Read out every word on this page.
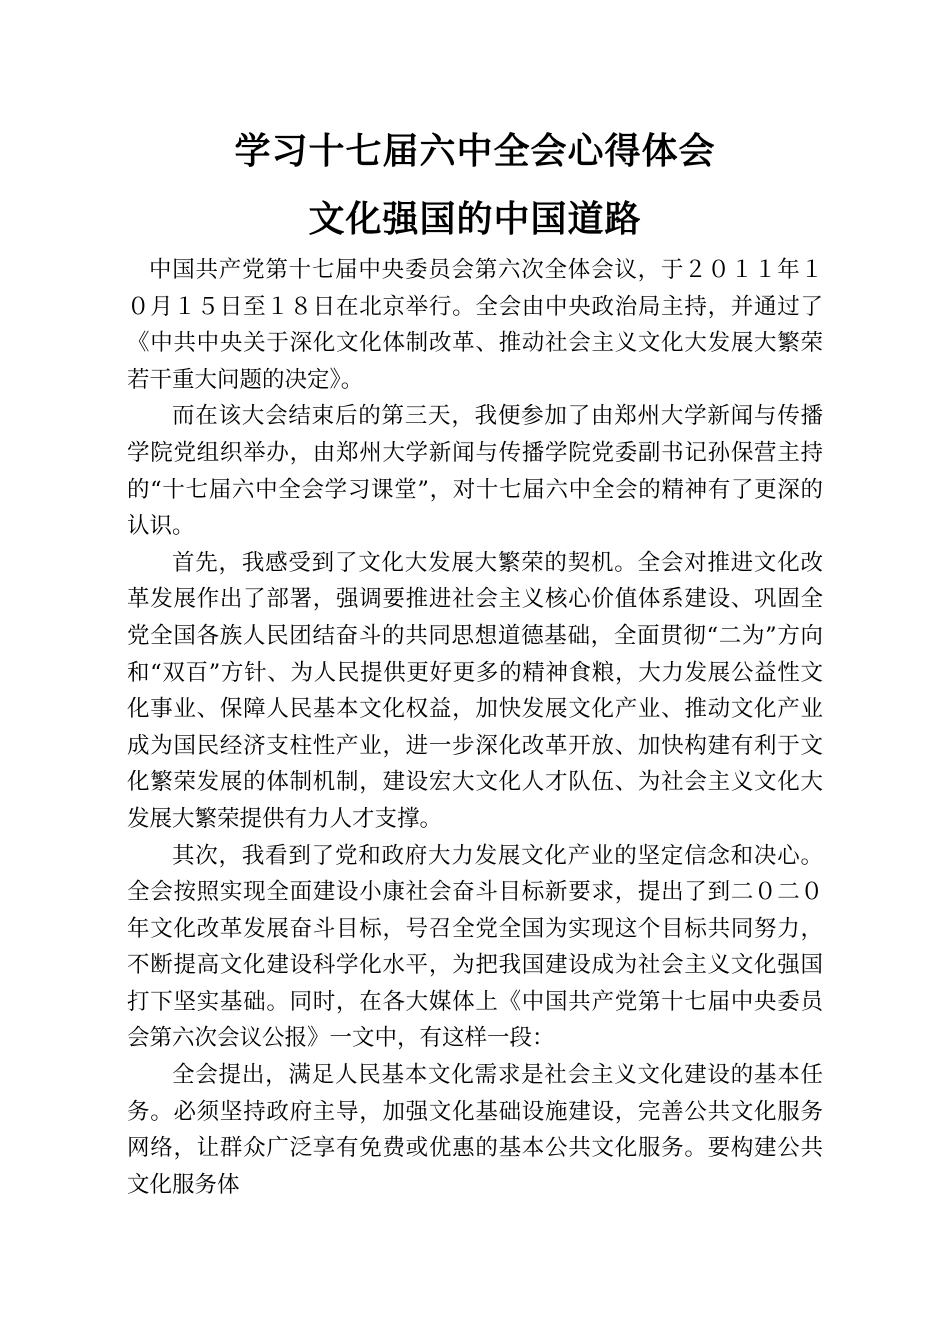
学习十七届六中全会心得体会
文化强国的中国道路

中国共产党第十七届中央委员会第六次全体会议，于２０１１年１０月１５日至１８日在北京举行。全会由中央政治局主持，并通过了《中共中央关于深化文化体制改革、推动社会主义文化大发展大繁荣若干重大问题的决定》。

而在该大会结束后的第三天，我便参加了由郑州大学新闻与传播学院党组织举办，由郑州大学新闻与传播学院党委副书记孙保营主持的“十七届六中全会学习课堂”，对十七届六中全会的精神有了更深的认识。

首先，我感受到了文化大发展大繁荣的契机。全会对推进文化改革发展作出了部署，强调要推进社会主义核心价值体系建设、巩固全党全国各族人民团结奋斗的共同思想道德基础，全面贯彻“二为”方向和“双百”方针、为人民提供更好更多的精神食粮，大力发展公益性文化事业、保障人民基本文化权益，加快发展文化产业、推动文化产业成为国民经济支柱性产业，进一步深化改革开放、加快构建有利于文化繁荣发展的体制机制，建设宏大文化人才队伍、为社会主义文化大发展大繁荣提供有力人才支撑。

其次，我看到了党和政府大力发展文化产业的坚定信念和决心。全会按照实现全面建设小康社会奋斗目标新要求，提出了到二０二０年文化改革发展奋斗目标，号召全党全国为实现这个目标共同努力，不断提高文化建设科学化水平，为把我国建设成为社会主义文化强国打下坚实基础。同时，在各大媒体上《中国共产党第十七届中央委员会第六次会议公报》一文中，有这样一段：

全会提出，满足人民基本文化需求是社会主义文化建设的基本任务。必须坚持政府主导，加强文化基础设施建设，完善公共文化服务网络，让群众广泛享有免费或优惠的基本公共文化服务。要构建公共文化服务体
